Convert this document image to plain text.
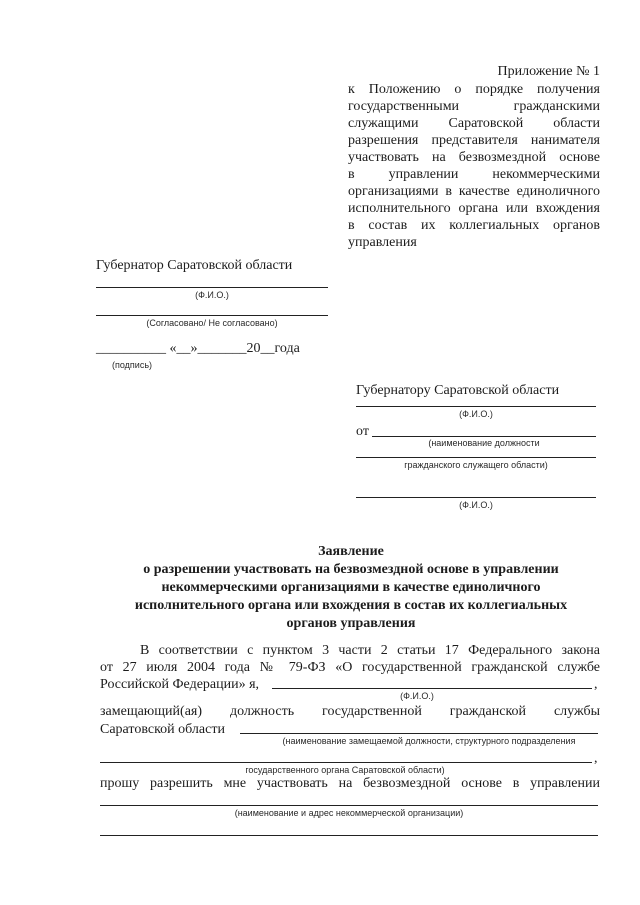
Приложение № 1
к Положению о порядке получения
государственными гражданскими
служащими Саратовской области
разрешения представителя нанимателя
участвовать на безвозмездной основе
в управлении некоммерческими
организациями в качестве единоличного
исполнительного органа или вхождения
в состав их коллегиальных органов
управления
Губернатор Саратовской области
(Ф.И.О.)
(Согласовано/ Не согласовано)
__________ «__»_______20__года
(подпись)
Губернатору Саратовской области
(Ф.И.О.)
от
(наименование должности
гражданского служащего области)
(Ф.И.О.)
Заявление
о разрешении участвовать на безвозмездной основе в управлении
некоммерческими организациями в качестве единоличного
исполнительного органа или вхождения в состав их коллегиальных
органов управления
В соответствии с пунктом 3 части 2 статьи 17 Федерального закона
от 27 июля 2004 года № 79-ФЗ «О государственной гражданской службе
Российской Федерации» я,	,
(Ф.И.О.)
замещающий(ая) должность государственной гражданской службы
Саратовской области
(наименование замещаемой должности, структурного подразделения
,
государственного органа Саратовской области)
прошу разрешить мне участвовать на безвозмездной основе в управлении
(наименование и адрес некоммерческой организации)
